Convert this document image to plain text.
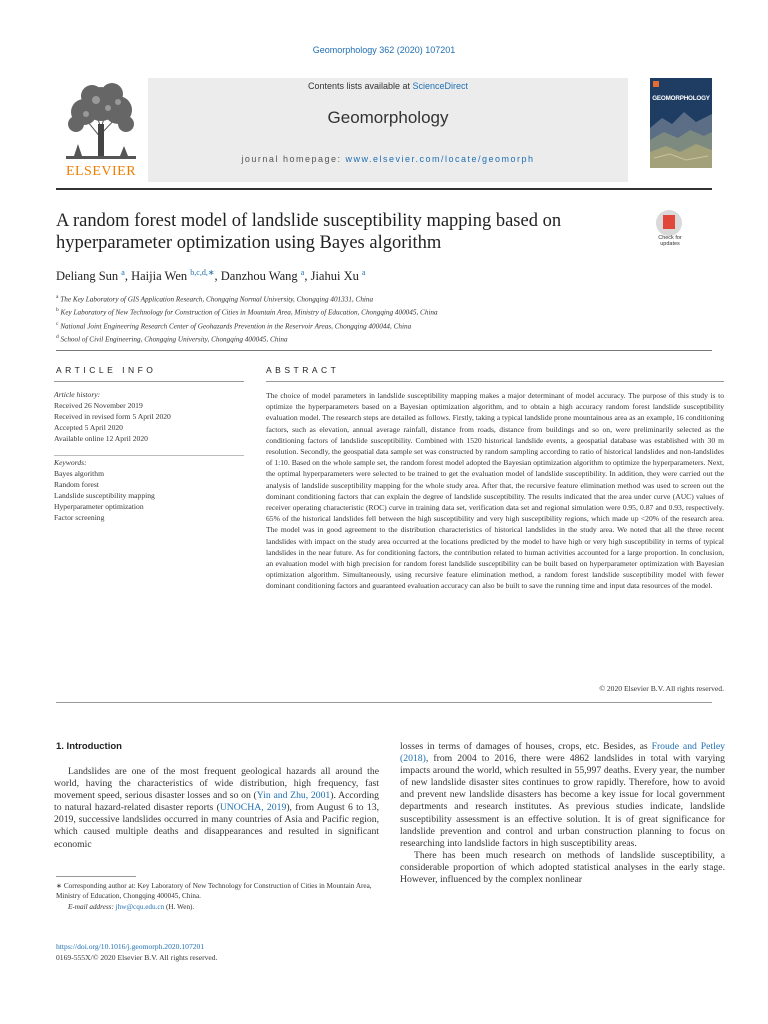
Geomorphology 362 (2020) 107201
ELSEVIER
Contents lists available at ScienceDirect
Geomorphology
journal homepage: www.elsevier.com/locate/geomorph
GEOMORPHOLOGY
A random forest model of landslide susceptibility mapping based on hyperparameter optimization using Bayes algorithm	Check for
updates
Deliang Sun $^a$, Haijia Wen $^{b,c,d,∗}$, Danzhou Wang $^a$, Jiahui Xu $^a$
$^a$ The Key Laboratory of GIS Application Research, Chongqing Normal University, Chongqing 401331, China
$^b$ Key Laboratory of New Technology for Construction of Cities in Mountain Area, Ministry of Education, Chongqing 400045, China
$^c$ National Joint Engineering Research Center of Geohazards Prevention in the Reservoir Areas, Chongqing 400044, China
$^d$ School of Civil Engineering, Chongqing University, Chongqing 400045, China
ARTICLE INFO	ABSTRACT
Article history:
Received 26 November 2019
Received in revised form 5 April 2020
Accepted 5 April 2020
Available online 12 April 2020
Keywords:
Bayes algorithm
Random forest
Landslide susceptibility mapping
Hyperparameter optimization
Factor screening
The choice of model parameters in landslide susceptibility mapping makes a major determinant of model accuracy. The purpose of this study is to optimize the hyperparameters based on a Bayesian optimization algorithm, and to obtain a high accuracy random forest landslide susceptibility evaluation model. The research steps are detailed as follows. Firstly, taking a typical landslide prone mountainous area as an example, 16 conditioning factors, such as elevation, annual average rainfall, distance from roads, distance from buildings and so on, were preliminarily selected as the conditioning factors of landslide susceptibility. Combined with 1520 historical landslide events, a geospatial database was established with 30 m resolution. Secondly, the geospatial data sample set was constructed by random sampling according to ratio of historical landslides and non-landslides of 1:10. Based on the whole sample set, the random forest model adopted the Bayesian optimization algorithm to optimize the hyperparameters. Next, the optimal hyperparameters were selected to be trained to get the evaluation model of landslide susceptibility. In addition, they were carried out the analysis of landslide susceptibility mapping for the whole study area. After that, the recursive feature elimination method was used to screen out the dominant conditioning factors that can explain the degree of landslide susceptibility. The results indicated that the area under curve (AUC) values of receiver operating characteristic (ROC) curve in training data set, verification data set and regional simulation were 0.95, 0.87 and 0.93, respectively. 65% of the historical landslides fell between the high susceptibility and very high susceptibility regions, which made up <20% of the research area. The model was in good agreement to the distribution characteristics of historical landslides in the study area. We noted that all the three recent landslides with impact on the study area occurred at the locations predicted by the model to have high or very high susceptibility in terms of typical landslides in the near future. As for conditioning factors, the contribution related to human activities accounted for a large proportion. In conclusion, an evaluation model with high precision for random forest landslide susceptibility can be built based on hyperparameter optimization with Bayesian optimization algorithm. Simultaneously, using recursive feature elimination method, a random forest landslide susceptibility model with fewer dominant conditioning factors and guaranteed evaluation accuracy can also be built to save the running time and input data resources of the model.
© 2020 Elsevier B.V. All rights reserved.
1. Introduction
Landslides are one of the most frequent geological hazards all around the world, having the characteristics of wide distribution, high frequency, fast movement speed, serious disaster losses and so on (Yin and Zhu, 2001). According to natural hazard-related disaster reports (UNOCHA, 2019), from August 6 to 13, 2019, successive landslides occurred in many countries of Asia and Pacific region, which caused multiple deaths and disappearances and resulted in significant economic
losses in terms of damages of houses, crops, etc. Besides, as Froude and Petley (2018), from 2004 to 2016, there were 4862 landslides in total with varying impacts around the world, which resulted in 55,997 deaths. Every year, the number of new landslide disaster sites continues to grow rapidly. Therefore, how to avoid and prevent new landslide disasters has become a key issue for local government departments and research institutes. As previous studies indicate, landslide susceptibility assessment is an effective solution. It is of great significance for landslide prevention and control and urban construction planning to focus on researching into landslide factors in high susceptibility areas.
There has been much research on methods of landslide susceptibility, a considerable proportion of which adopted statistical analyses in the early stage. However, influenced by the complex nonlinear
∗ Corresponding author at: Key Laboratory of New Technology for Construction of Cities in Mountain Area, Ministry of Education, Chongqing 400045, China.
E-mail address: jhw@cqu.edu.cn (H. Wen).
https://doi.org/10.1016/j.geomorph.2020.107201
0169-555X/© 2020 Elsevier B.V. All rights reserved.
